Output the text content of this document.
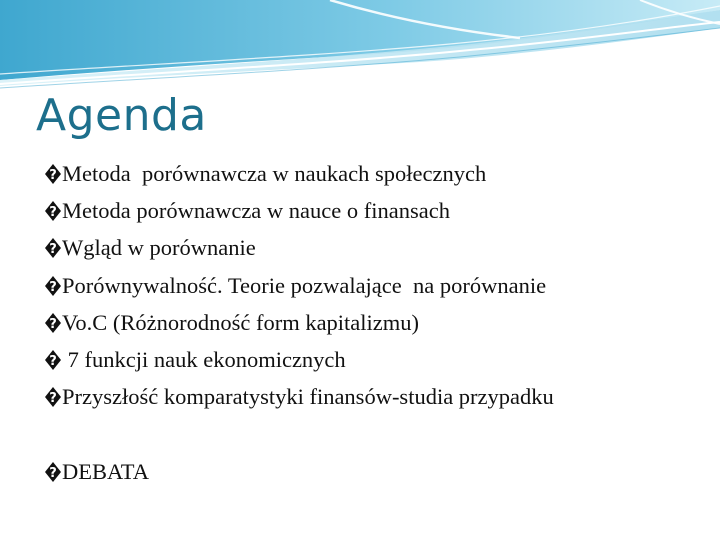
Agenda
? Metoda  porównawcza w naukach społecznych
? Metoda porównawcza w nauce o finansach
? Wgląd w porównanie
? Porównywalność. Teorie pozwalające  na porównanie
? Vo.C (Różnorodność form kapitalizmu)
? 7 funkcji nauk ekonomicznych
? Przyszłość komparatystyki finansów-studia przypadku
? DEBATA
